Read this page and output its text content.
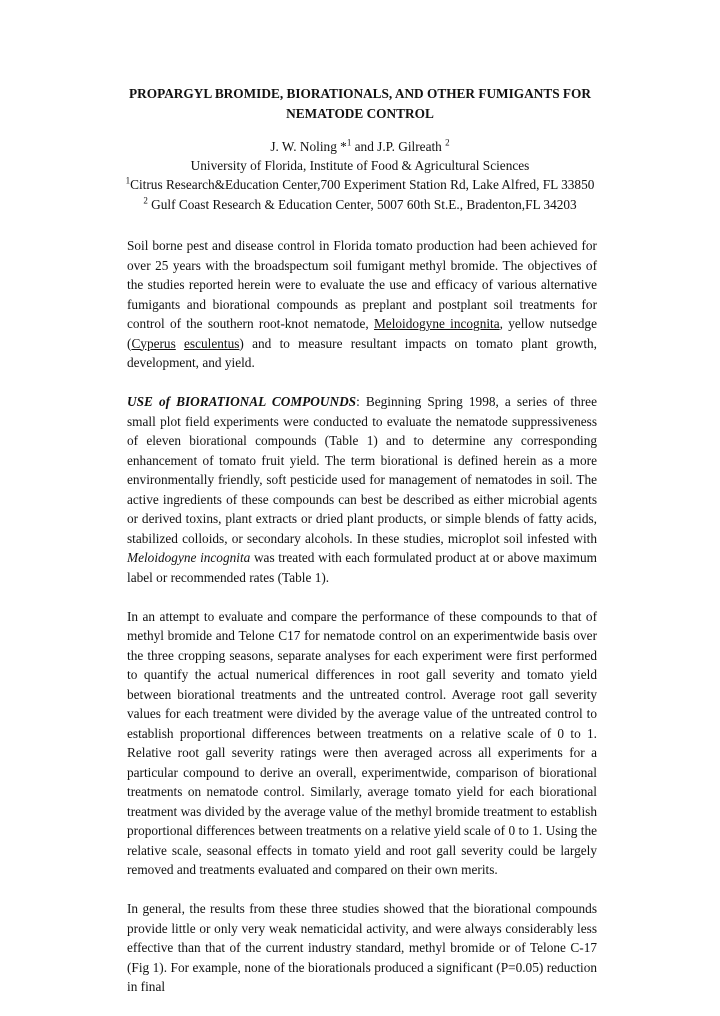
PROPARGYL BROMIDE, BIORATIONALS, AND OTHER FUMIGANTS FOR
NEMATODE CONTROL
J. W. Noling *$^1$ and J.P. Gilreath $^2$
University of Florida, Institute of Food & Agricultural Sciences
$^1$Citrus Research&Education Center,700 Experiment Station Rd, Lake Alfred, FL 33850
$^2$ Gulf Coast Research & Education Center, 5007 60th St.E., Bradenton,FL 34203

Soil borne pest and disease control in Florida tomato production had been achieved for over 25 years with the broadspectum soil fumigant methyl bromide. The objectives of the studies reported herein were to evaluate the use and efficacy of various alternative fumigants and biorational compounds as preplant and postplant soil treatments for control of the southern root-knot nematode, Meloidogyne incognita, yellow nutsedge (Cyperus esculentus) and to measure resultant impacts on tomato plant growth, development, and yield.

USE of BIORATIONAL COMPOUNDS: Beginning Spring 1998, a series of three small plot field experiments were conducted to evaluate the nematode suppressiveness of eleven biorational compounds (Table 1) and to determine any corresponding enhancement of tomato fruit yield. The term biorational is defined herein as a more environmentally friendly, soft pesticide used for management of nematodes in soil. The active ingredients of these compounds can best be described as either microbial agents or derived toxins, plant extracts or dried plant products, or simple blends of fatty acids, stabilized colloids, or secondary alcohols. In these studies, microplot soil infested with Meloidogyne incognita was treated with each formulated product at or above maximum label or recommended rates (Table 1).

In an attempt to evaluate and compare the performance of these compounds to that of methyl bromide and Telone C17 for nematode control on an experimentwide basis over the three cropping seasons, separate analyses for each experiment were first performed to quantify the actual numerical differences in root gall severity and tomato yield between biorational treatments and the untreated control. Average root gall severity values for each treatment were divided by the average value of the untreated control to establish proportional differences between treatments on a relative scale of 0 to 1. Relative root gall severity ratings were then averaged across all experiments for a particular compound to derive an overall, experimentwide, comparison of biorational treatments on nematode control. Similarly, average tomato yield for each biorational treatment was divided by the average value of the methyl bromide treatment to establish proportional differences between treatments on a relative yield scale of 0 to 1. Using the relative scale, seasonal effects in tomato yield and root gall severity could be largely removed and treatments evaluated and compared on their own merits.

In general, the results from these three studies showed that the biorational compounds provide little or only very weak nematicidal activity, and were always considerably less effective than that of the current industry standard, methyl bromide or of Telone C-17 (Fig 1). For example, none of the biorationals produced a significant (P=0.05) reduction in final
